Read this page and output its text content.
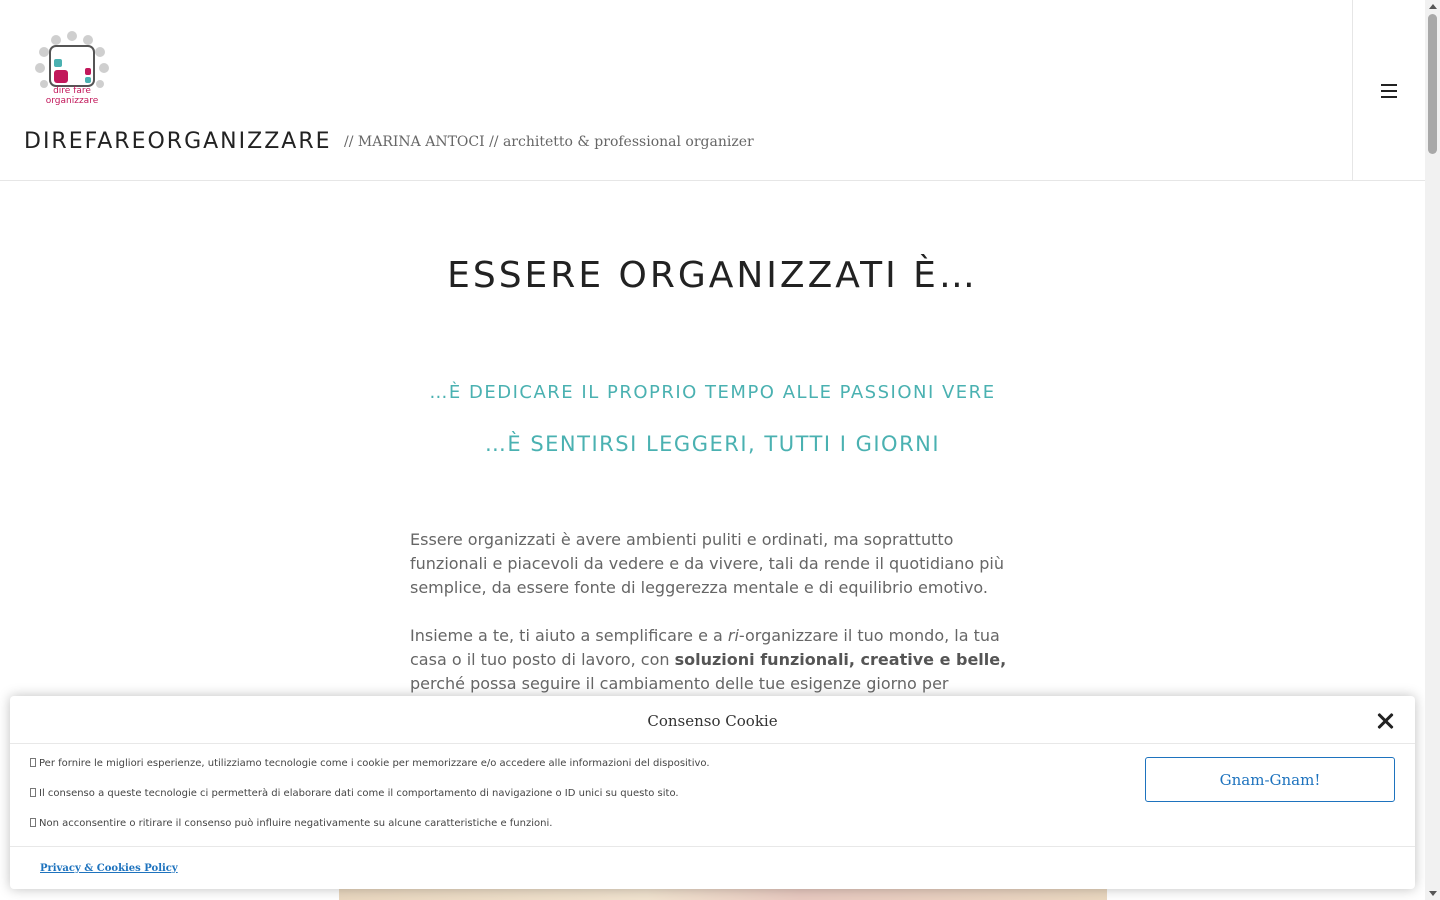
dire fare
organizzare
DIREFAREORGANIZZARE // MARINA ANTOCI // architetto & professional organizer
ESSERE ORGANIZZATI È…
…È DEDICARE IL PROPRIO TEMPO ALLE PASSIONI VERE
…È SENTIRSI LEGGERI, TUTTI I GIORNI

Essere organizzati è avere ambienti puliti e ordinati, ma soprattutto funzionali e piacevoli da vedere e da vivere, tali da rende il quotidiano più semplice, da essere fonte di leggerezza mentale e di equilibrio emotivo.

Insieme a te, ti aiuto a semplificare e a ri-organizzare il tuo mondo, la tua casa o il tuo posto di lavoro, con soluzioni funzionali, creative e belle, perché possa seguire il cambiamento delle tue esigenze giorno per

Consenso Cookie
Per fornire le migliori esperienze, utilizziamo tecnologie come i cookie per memorizzare e/o accedere alle informazioni del dispositivo.
Il consenso a queste tecnologie ci permetterà di elaborare dati come il comportamento di navigazione o ID unici su questo sito.
Non acconsentire o ritirare il consenso può influire negativamente su alcune caratteristiche e funzioni.
Gnam-Gnam!
Privacy & Cookies Policy
